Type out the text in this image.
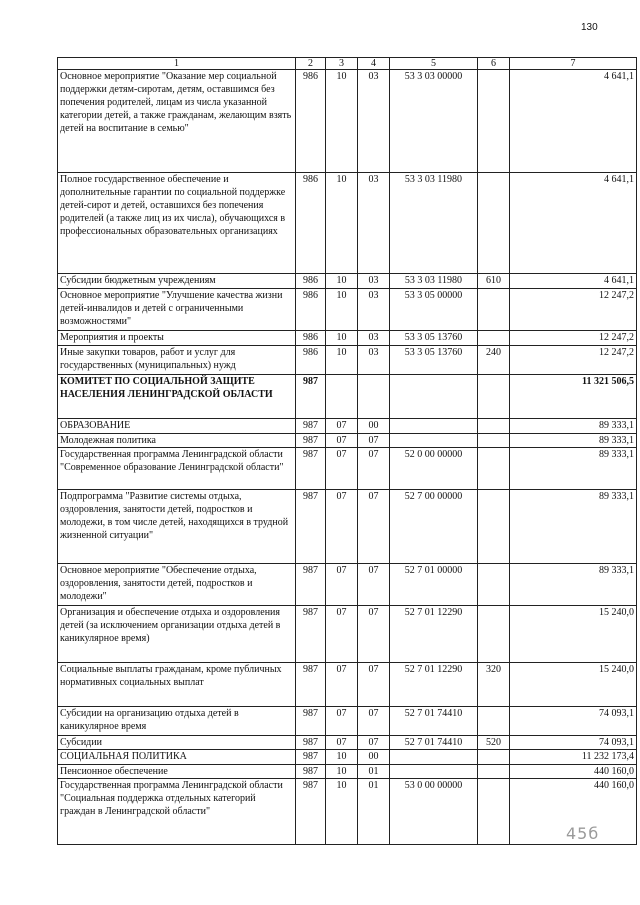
130
1	2	3	4	5	6	7
Основное мероприятие "Оказание мер социальной поддержки детям-сиротам, детям, оставшимся без попечения родителей, лицам из числа указанной категории детей, а также гражданам, желающим взять детей на воспитание в семью"	986	10	03	53 3 03 00000		4 641,1
Полное государственное обеспечение и дополнительные гарантии по социальной поддержке детей-сирот и детей, оставшихся без попечения родителей (а также лиц из их числа), обучающихся в профессиональных образовательных организациях	986	10	03	53 3 03 11980		4 641,1
Субсидии бюджетным учреждениям	986	10	03	53 3 03 11980	610	4 641,1
Основное мероприятие "Улучшение качества жизни детей-инвалидов и детей с ограниченными возможностями"	986	10	03	53 3 05 00000		12 247,2
Мероприятия и проекты	986	10	03	53 3 05 13760		12 247,2
Иные закупки товаров, работ и услуг для государственных (муниципальных) нужд	986	10	03	53 3 05 13760	240	12 247,2
КОМИТЕТ ПО СОЦИАЛЬНОЙ ЗАЩИТЕ НАСЕЛЕНИЯ ЛЕНИНГРАДСКОЙ ОБЛАСТИ	987					11 321 506,5
ОБРАЗОВАНИЕ	987	07	00			89 333,1
Молодежная политика	987	07	07			89 333,1
Государственная программа Ленинградской области "Современное образование Ленинградской области"	987	07	07	52 0 00 00000		89 333,1
Подпрограмма "Развитие системы отдыха, оздоровления, занятости детей, подростков и молодежи, в том числе детей, находящихся в трудной жизненной ситуации"	987	07	07	52 7 00 00000		89 333,1
Основное мероприятие "Обеспечение отдыха, оздоровления, занятости детей, подростков и молодежи"	987	07	07	52 7 01 00000		89 333,1
Организация и обеспечение отдыха и оздоровления детей (за исключением организации отдыха детей в каникулярное время)	987	07	07	52 7 01 12290		15 240,0
Социальные выплаты гражданам, кроме публичных нормативных социальных выплат	987	07	07	52 7 01 12290	320	15 240,0
Субсидии на организацию отдыха детей в каникулярное время	987	07	07	52 7 01 74410		74 093,1
Субсидии	987	07	07	52 7 01 74410	520	74 093,1
СОЦИАЛЬНАЯ ПОЛИТИКА	987	10	00			11 232 173,4
Пенсионное обеспечение	987	10	01			440 160,0
Государственная программа Ленинградской области "Социальная поддержка отдельных категорий граждан в Ленинградской области"	987	10	01	53 0 00 00000		440 160,0
45б
